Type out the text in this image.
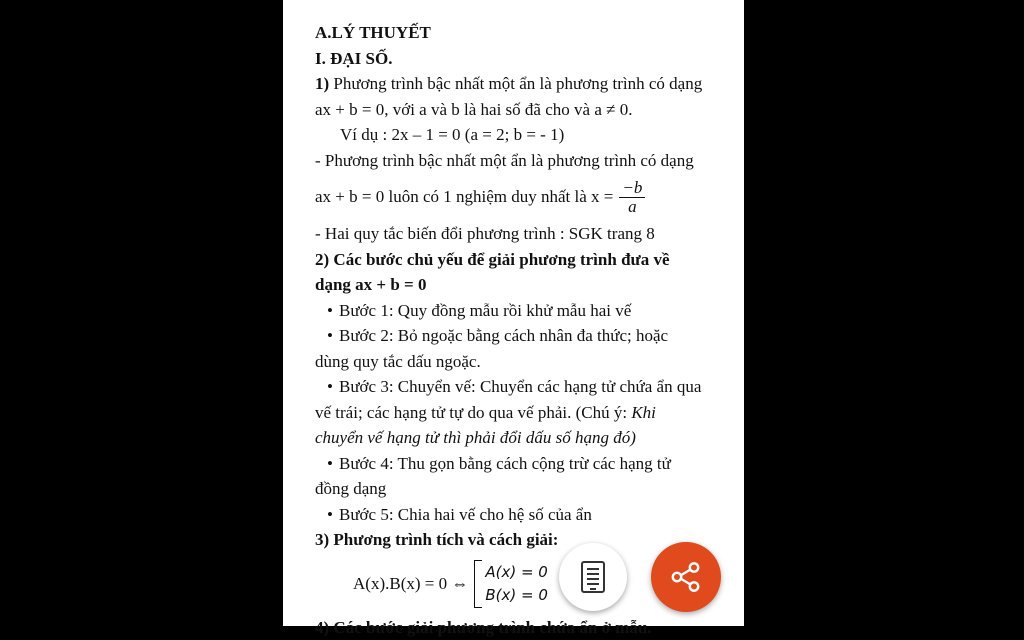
A.LÝ THUYẾT
I. ĐẠI SỐ.
1) Phương trình bậc nhất một ẩn là phương trình có dạng
ax + b = 0, với a và b là hai số đã cho và a ≠ 0.
Ví dụ : 2x – 1 = 0 (a = 2; b = - 1)
- Phương trình bậc nhất một ẩn là phương trình có dạng
ax + b = 0 luôn có 1 nghiệm duy nhất là $x = \frac{-b}{a}$
- Hai quy tắc biến đổi phương trình : SGK trang 8
2) Các bước chủ yếu để giải phương trình đưa về
dạng ax + b = 0
• Bước 1: Quy đồng mẫu rồi khử mẫu hai vế
• Bước 2: Bỏ ngoặc bằng cách nhân đa thức; hoặc
dùng quy tắc dấu ngoặc.
• Bước 3: Chuyển vế: Chuyển các hạng tử chứa ẩn qua
vế trái; các hạng tử tự do qua vế phải. (Chú ý: Khi
chuyển vế hạng tử thì phải đổi dấu số hạng đó)
• Bước 4: Thu gọn bằng cách cộng trừ các hạng tử
đồng dạng
• Bước 5: Chia hai vế cho hệ số của ẩn
3) Phương trình tích và cách giải:
A(x).B(x) = 0 ⇔
A(x) = 0
B(x) = 0
4) Các bước giải phương trình chứa ẩn ở mẫu.
